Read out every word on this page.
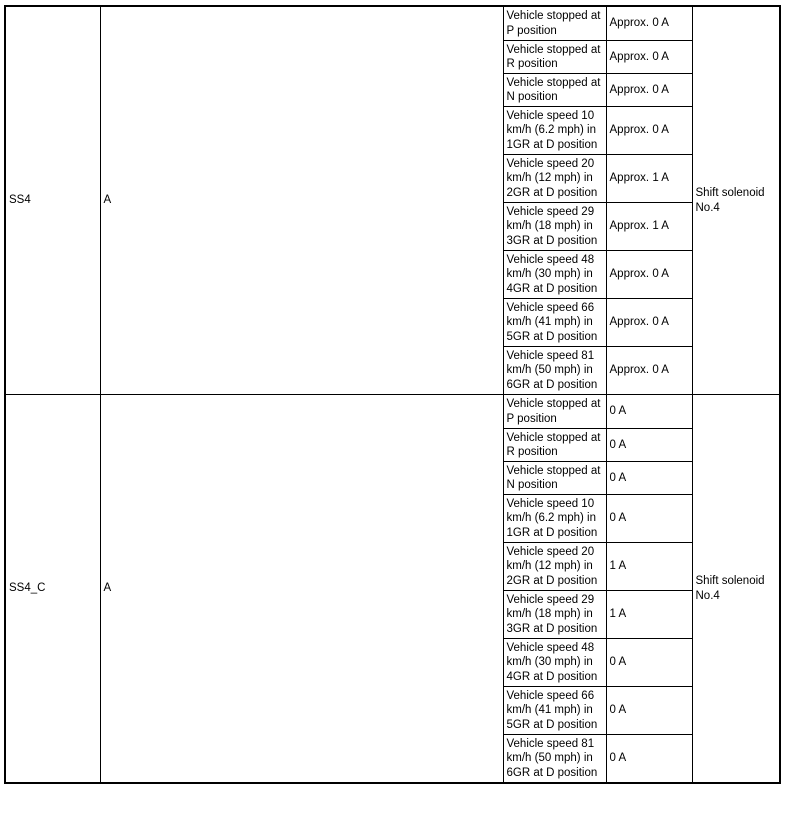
SS4	A	Vehicle stopped at P position	Approx. 0 A	Shift solenoid No.4
		Vehicle stopped at R position	Approx. 0 A	
		Vehicle stopped at N position	Approx. 0 A	
		Vehicle speed 10 km/h (6.2 mph) in 1GR at D position	Approx. 0 A	
		Vehicle speed 20 km/h (12 mph) in 2GR at D position	Approx. 1 A	
		Vehicle speed 29 km/h (18 mph) in 3GR at D position	Approx. 1 A	
		Vehicle speed 48 km/h (30 mph) in 4GR at D position	Approx. 0 A	
		Vehicle speed 66 km/h (41 mph) in 5GR at D position	Approx. 0 A	
		Vehicle speed 81 km/h (50 mph) in 6GR at D position	Approx. 0 A	
SS4_C	A	Vehicle stopped at P position	0 A	Shift solenoid No.4
		Vehicle stopped at R position	0 A	
		Vehicle stopped at N position	0 A	
		Vehicle speed 10 km/h (6.2 mph) in 1GR at D position	0 A	
		Vehicle speed 20 km/h (12 mph) in 2GR at D position	1 A	
		Vehicle speed 29 km/h (18 mph) in 3GR at D position	1 A	
		Vehicle speed 48 km/h (30 mph) in 4GR at D position	0 A	
		Vehicle speed 66 km/h (41 mph) in 5GR at D position	0 A	
		Vehicle speed 81 km/h (50 mph) in 6GR at D position	0 A	
